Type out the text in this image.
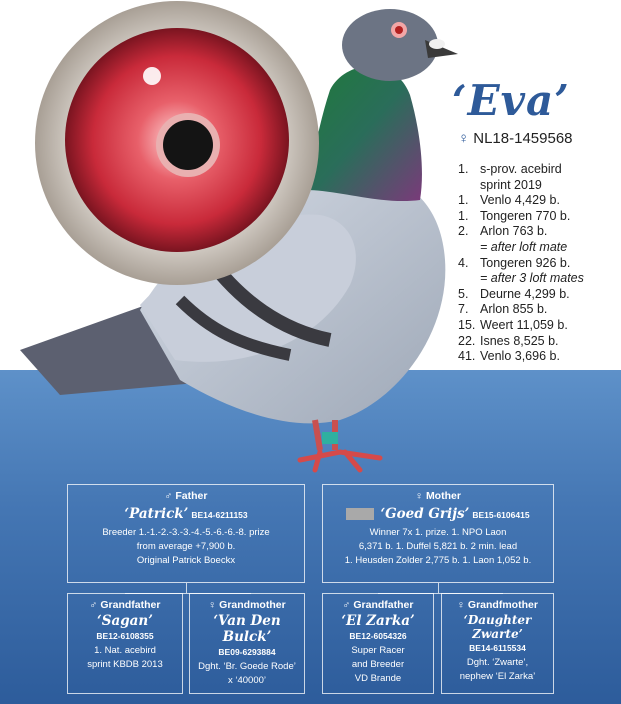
‘Eva’
♀ NL18-1459568
1. s-prov. acebird
sprint 2019
1. Venlo 4,429 b.
1. Tongeren 770 b.
2. Arlon 763 b.
= after loft mate
4. Tongeren 926 b.
= after 3 loft mates
5. Deurne 4,299 b.
7. Arlon 855 b.
15. Weert 11,059 b.
22. Isnes 8,525 b.
41. Venlo 3,696 b.
♂ Father
‘Patrick’ BE14-6211153
Breeder 1.-1.-2.-3.-3.-4.-5.-6.-6.-8. prize
from average +7,900 b.
Original Patrick Boeckx
♀ Mother
‘Goed Grijs’ BE15-6106415
Winner 7x 1. prize. 1. NPO Laon
6,371 b. 1. Duffel 5,821 b. 2 min. lead
1. Heusden Zolder 2,775 b. 1. Laon 1,052 b.
♂ Grandfather
‘Sagan’
BE12-6108355
1. Nat. acebird
sprint KBDB 2013
♀ Grandmother
‘Van Den Bulck’
BE09-6293884
Dght. ‘Br. Goede Rode’
x ‘40000’
♂ Grandfather
‘El Zarka’
BE12-6054326
Super Racer
and Breeder
VD Brande
♀ Grandfmother
‘Daughter Zwarte’
BE14-6115534
Dght. ‘Zwarte’,
nephew ‘El Zarka’
